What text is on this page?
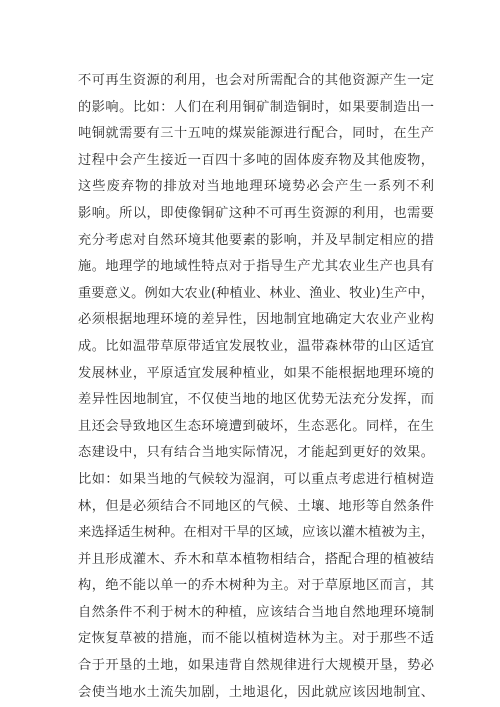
不可再生资源的利用，也会对所需配合的其他资源产生一定
的影响。比如：人们在利用铜矿制造铜时，如果要制造出一
吨铜就需要有三十五吨的煤炭能源进行配合，同时，在生产
过程中会产生接近一百四十多吨的固体废弃物及其他废物，
这些废弃物的排放对当地地理环境势必会产生一系列不利
影响。所以，即使像铜矿这种不可再生资源的利用，也需要
充分考虑对自然环境其他要素的影响，并及早制定相应的措
施。地理学的地域性特点对于指导生产尤其农业生产也具有
重要意义。例如大农业(种植业、林业、渔业、牧业)生产中，
必须根据地理环境的差异性，因地制宜地确定大农业产业构
成。比如温带草原带适宜发展牧业，温带森林带的山区适宜
发展林业，平原适宜发展种植业，如果不能根据地理环境的
差异性因地制宜，不仅使当地的地区优势无法充分发挥，而
且还会导致地区生态环境遭到破坏，生态恶化。同样，在生
态建设中，只有结合当地实际情况，才能起到更好的效果。
比如：如果当地的气候较为湿润，可以重点考虑进行植树造
林，但是必须结合不同地区的气候、土壤、地形等自然条件
来选择适生树种。在相对干旱的区域，应该以灌木植被为主，
并且形成灌木、乔木和草本植物相结合，搭配合理的植被结
构，绝不能以单一的乔木树种为主。对于草原地区而言，其
自然条件不利于树木的种植，应该结合当地自然地理环境制
定恢复草被的措施，而不能以植树造林为主。对于那些不适
合于开垦的土地，如果违背自然规律进行大规模开垦，势必
会使当地水土流失加剧，土地退化，因此就应该因地制宜、
